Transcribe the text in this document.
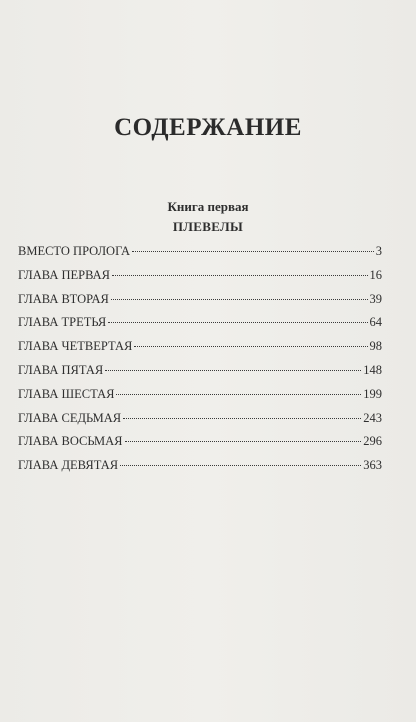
СОДЕРЖАНИЕ
Книга первая
ПЛЕВЕЛЫ
ВМЕСТО ПРОЛОГА	3
ГЛАВА ПЕРВАЯ	16
ГЛАВА ВТОРАЯ	39
ГЛАВА ТРЕТЬЯ	64
ГЛАВА ЧЕТВЕРТАЯ	98
ГЛАВА ПЯТАЯ	148
ГЛАВА ШЕСТАЯ	199
ГЛАВА СЕДЬМАЯ	243
ГЛАВА ВОСЬМАЯ	296
ГЛАВА ДЕВЯТАЯ	363
